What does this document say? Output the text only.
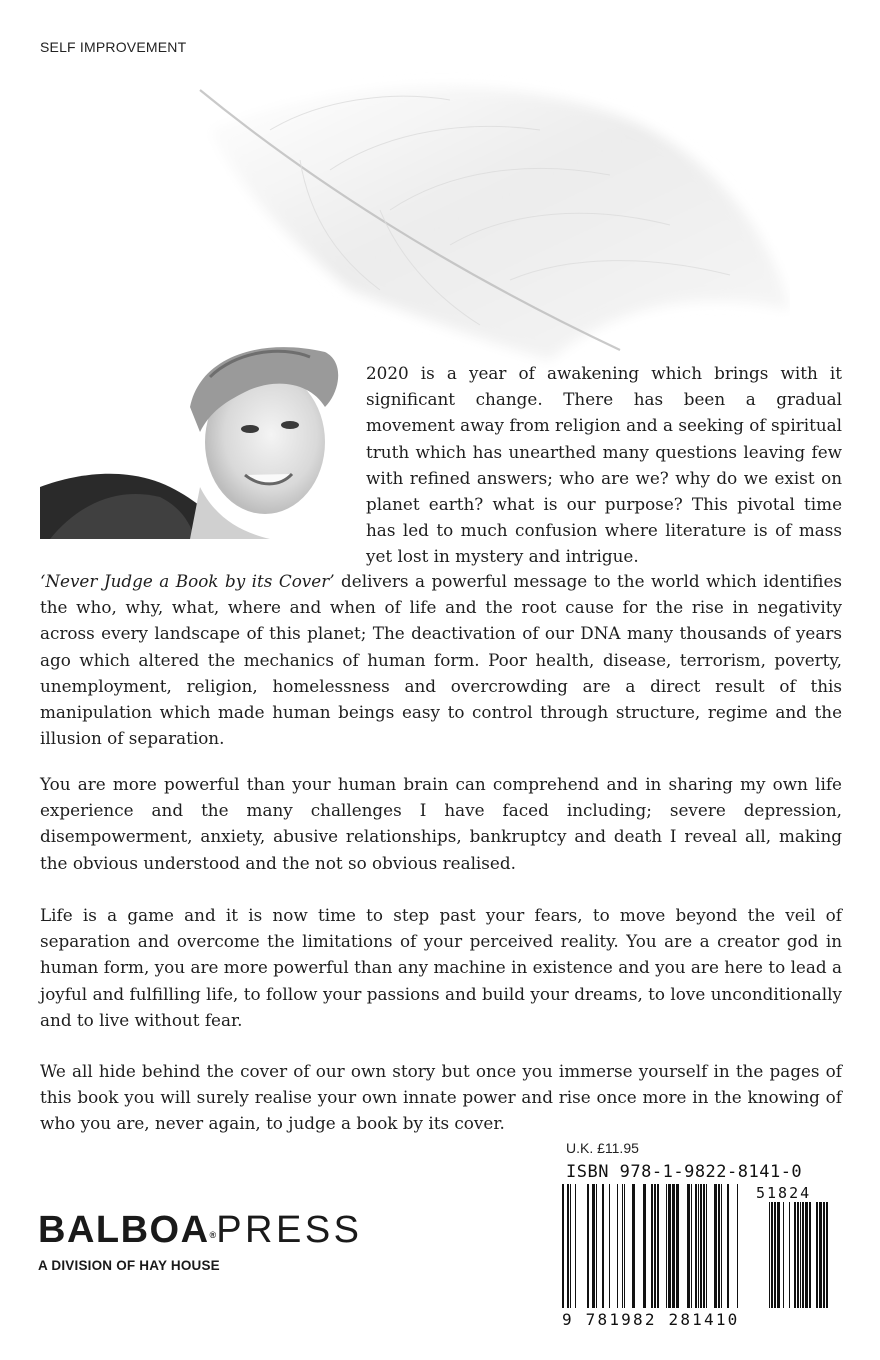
SELF IMPROVEMENT

2020 is a year of awakening which brings with it significant change. There has been a gradual movement away from religion and a seeking of spiritual truth which has unearthed many questions leaving few with refined answers; who are we? why do we exist on planet earth? what is our purpose? This pivotal time has led to much confusion where literature is of mass yet lost in mystery and intrigue.

‘Never Judge a Book by its Cover’ delivers a powerful message to the world which identifies the who, why, what, where and when of life and the root cause for the rise in negativity across every landscape of this planet; The deactivation of our DNA many thousands of years ago which altered the mechanics of human form. Poor health, disease, terrorism, poverty, unemployment, religion, homelessness and overcrowding are a direct result of this manipulation which made human beings easy to control through structure, regime and the illusion of separation.

You are more powerful than your human brain can comprehend and in sharing my own life experience and the many challenges I have faced including; severe depression, disempowerment, anxiety, abusive relationships, bankruptcy and death I reveal all, making the obvious understood and the not so obvious realised.

Life is a game and it is now time to step past your fears, to move beyond the veil of separation and overcome the limitations of your perceived reality. You are a creator god in human form, you are more powerful than any machine in existence and you are here to lead a joyful and fulfilling life, to follow your passions and build your dreams, to love unconditionally and to live without fear.

We all hide behind the cover of our own story but once you immerse yourself in the pages of this book you will surely realise your own innate power and rise once more in the knowing of who you are, never again, to judge a book by its cover.

BALBOA®PRESS
A DIVISION OF HAY HOUSE
U.K. £11.95
ISBN 978-1-9822-8141-0
51824
9 781982 281410
